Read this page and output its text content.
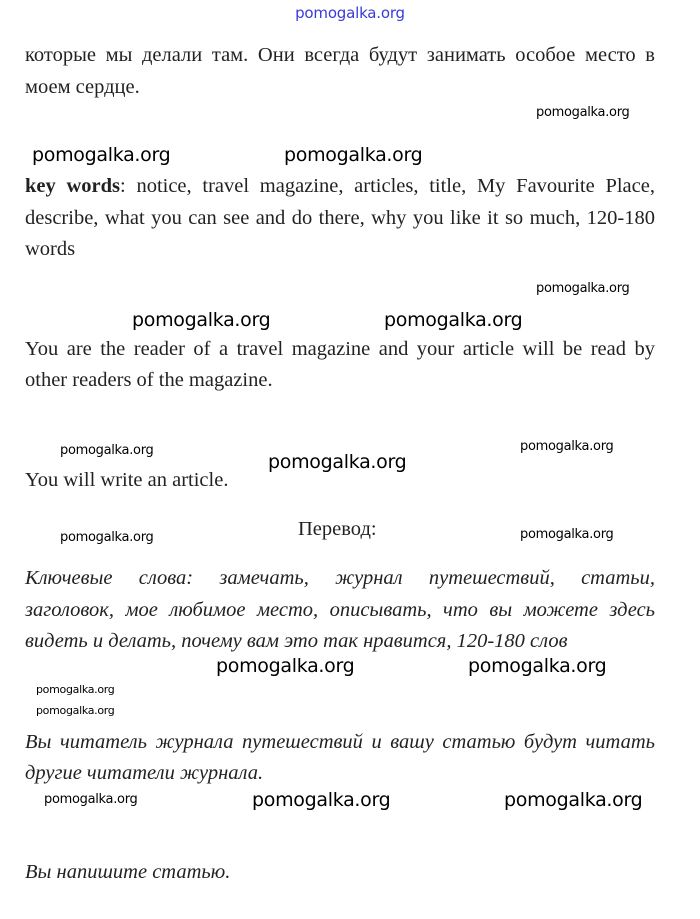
pomogalka.org
которые мы делали там. Они всегда будут занимать особое место в
моем сердце.
key words: notice, travel magazine, articles, title, My Favourite Place,
describe, what you can see and do there, why you like it so much, 120-180
words
You are the reader of a travel magazine and your article will be read by
other readers of the magazine.
You will write an article.
Перевод:
Ключевые слова: замечать, журнал путешествий, статьи,
заголовок, мое любимое место, описывать, что вы можете здесь
видеть и делать, почему вам это так нравится, 120-180 слов
Вы читатель журнала путешествий и вашу статью будут читать
другие читатели журнала.
Вы напишите статью.
pomogalka.org
pomogalka.org	pomogalka.org
pomogalka.org
pomogalka.org	pomogalka.org
pomogalka.org	pomogalka.org
pomogalka.org
pomogalka.org	pomogalka.org
pomogalka.org
pomogalka.org	pomogalka.org
pomogalka.org
pomogalka.org	pomogalka.org	pomogalka.org
